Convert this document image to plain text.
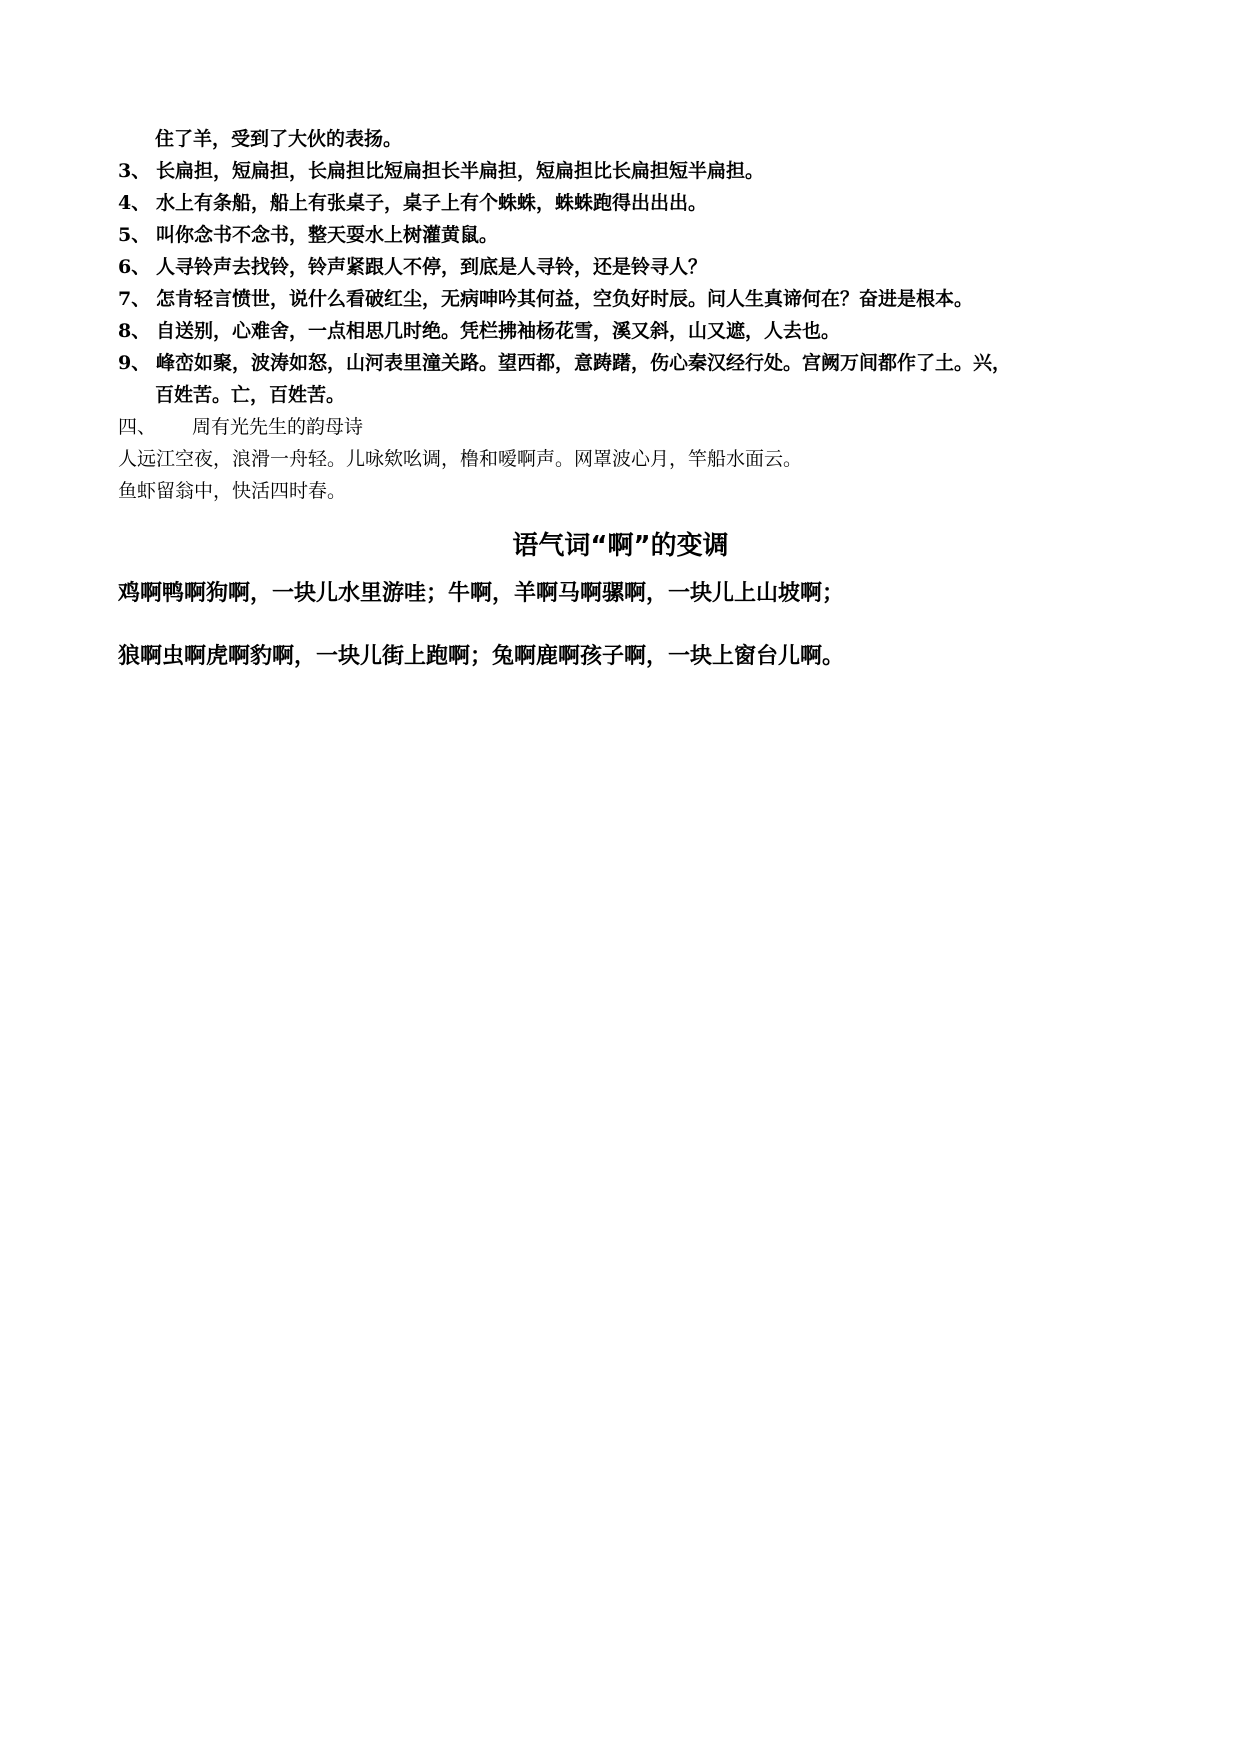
住了羊，受到了大伙的表扬。
3、 长扁担，短扁担，长扁担比短扁担长半扁担，短扁担比长扁担短半扁担。
4、 水上有条船，船上有张桌子，桌子上有个蛛蛛，蛛蛛跑得出出出。
5、 叫你念书不念书，整天耍水上树灌黄鼠。
6、 人寻铃声去找铃，铃声紧跟人不停，到底是人寻铃，还是铃寻人？
7、 怎肯轻言愤世，说什么看破红尘，无病呻吟其何益，空负好时辰。问人生真谛何在？奋进是根本。
8、 自送别，心难舍，一点相思几时绝。凭栏拂袖杨花雪，溪又斜，山又遮，人去也。
9、 峰峦如聚，波涛如怒，山河表里潼关路。望西都，意踌躇，伤心秦汉经行处。宫阙万间都作了土。兴，
百姓苦。亡，百姓苦。
四、 周有光先生的韵母诗
人远江空夜，浪滑一舟轻。儿咏欸吆调，橹和嗳啊声。网罩波心月，竿船水面云。
鱼虾留翁中，快活四时春。
语气词“啊”的变调
鸡啊鸭啊狗啊，一块儿水里游哇；牛啊，羊啊马啊骡啊，一块儿上山坡啊；
狼啊虫啊虎啊豹啊，一块儿街上跑啊；兔啊鹿啊孩子啊，一块上窗台儿啊。
